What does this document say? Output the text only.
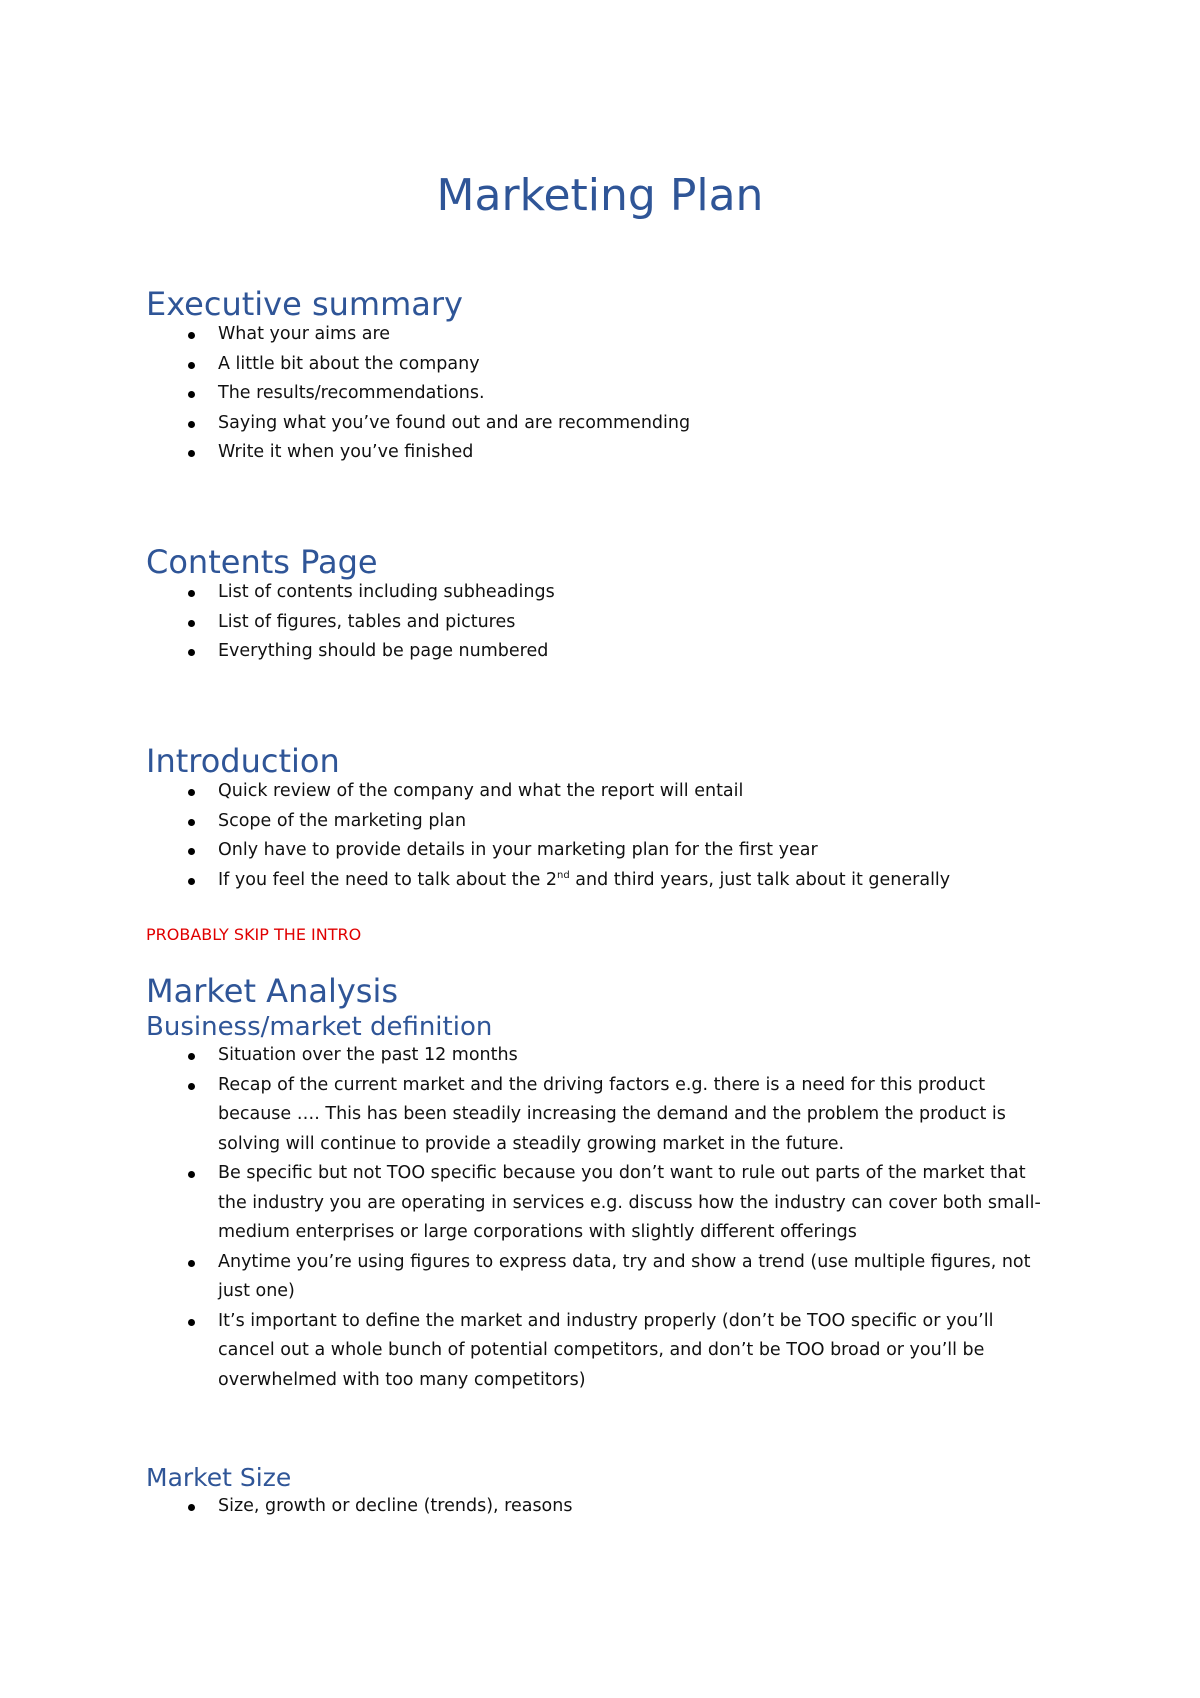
Marketing Plan
Executive summary
What your aims are
A little bit about the company
The results/recommendations.
Saying what you’ve found out and are recommending
Write it when you’ve finished
Contents Page
List of contents including subheadings
List of figures, tables and pictures
Everything should be page numbered
Introduction
Quick review of the company and what the report will entail
Scope of the marketing plan
Only have to provide details in your marketing plan for the first year
If you feel the need to talk about the 2nd and third years, just talk about it generally
PROBABLY SKIP THE INTRO
Market Analysis
Business/market definition
Situation over the past 12 months
Recap of the current market and the driving factors e.g. there is a need for this product because …. This has been steadily increasing the demand and the problem the product is solving will continue to provide a steadily growing market in the future.
Be specific but not TOO specific because you don’t want to rule out parts of the market that the industry you are operating in services e.g. discuss how the industry can cover both small-medium enterprises or large corporations with slightly different offerings
Anytime you’re using figures to express data, try and show a trend (use multiple figures, not just one)
It’s important to define the market and industry properly (don’t be TOO specific or you’ll cancel out a whole bunch of potential competitors, and don’t be TOO broad or you’ll be overwhelmed with too many competitors)
Market Size
Size, growth or decline (trends), reasons
